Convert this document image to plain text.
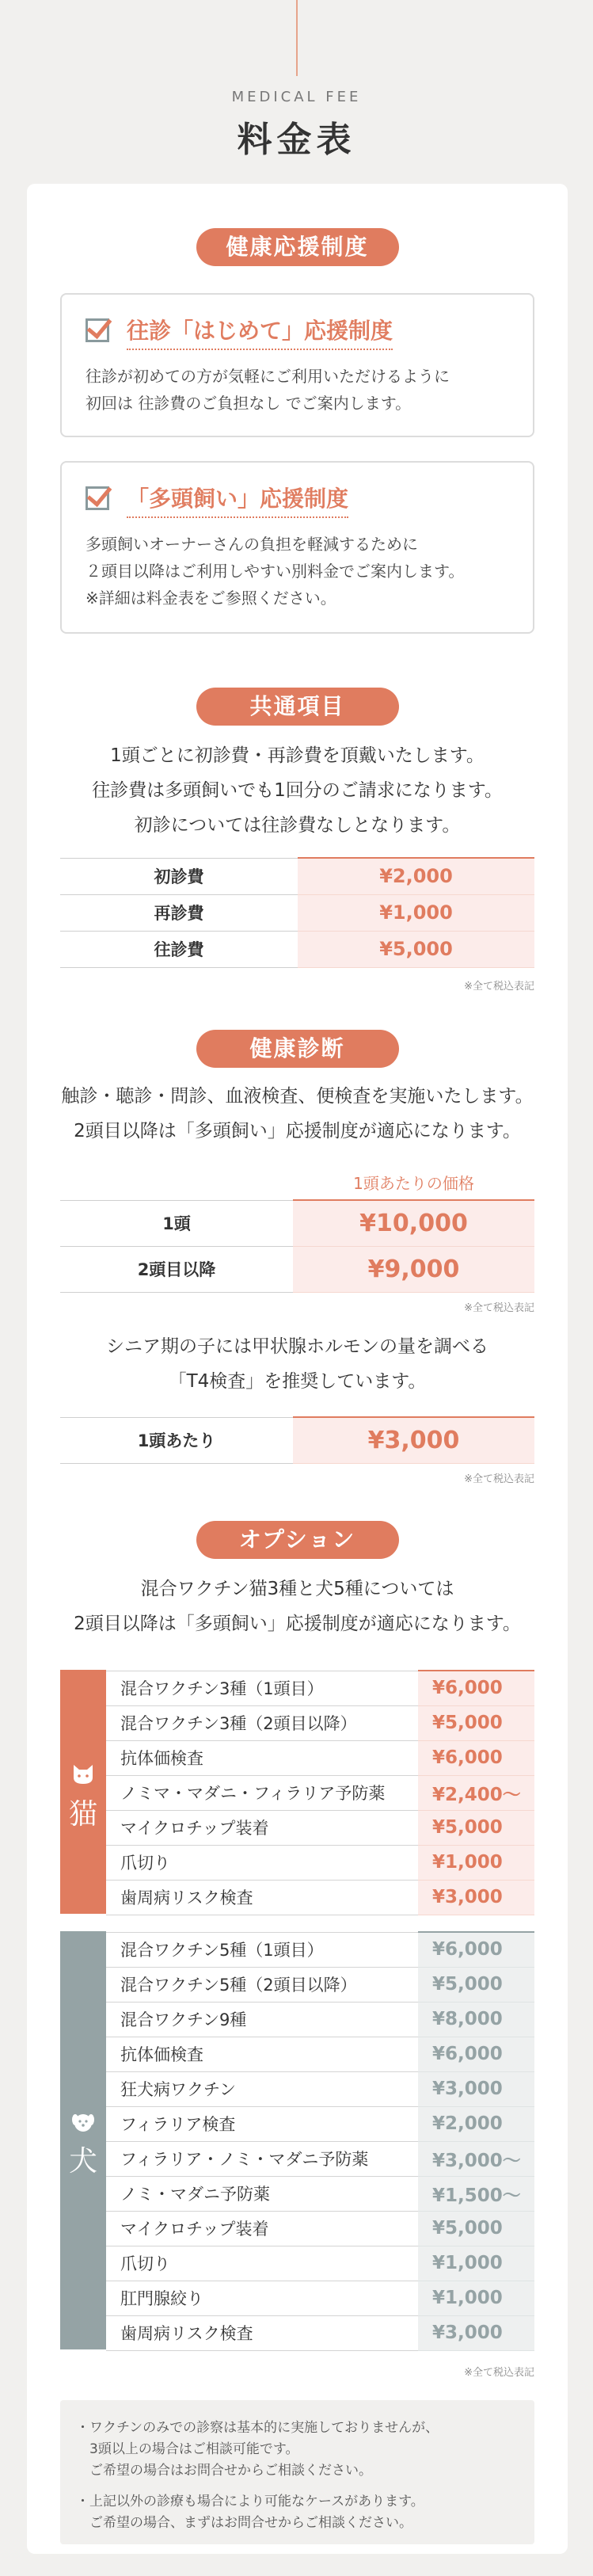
MEDICAL FEE
料金表
健康応援制度
往診「はじめて」応援制度

往診が初めての方が気軽にご利用いただけるように

初回は 往診費のご負担なし でご案内します。

「多頭飼い」応援制度

多頭飼いオーナーさんの負担を軽減するために

２頭目以降はご利用しやすい別料金でご案内します。

※詳細は料金表をご参照ください。

共通項目

1頭ごとに初診費・再診費を頂戴いたします。

往診費は多頭飼いでも1回分のご請求になります。

初診については往診費なしとなります。

初診費	¥2,000
再診費	¥1,000
往診費	¥5,000
※全て税込表記
健康診断

触診・聴診・問診、血液検査、便検査を実施いたします。

2頭目以降は「多頭飼い」応援制度が適応になります。

1頭あたりの価格
1頭	¥10,000
2頭目以降	¥9,000
※全て税込表記

シニア期の子には甲状腺ホルモンの量を調べる

「T4検査」を推奨しています。

1頭あたり	¥3,000
※全て税込表記
オプション

混合ワクチン猫3種と犬5種については

2頭目以降は「多頭飼い」応援制度が適応になります。

猫
混合ワクチン3種（1頭目）	¥6,000
混合ワクチン3種（2頭目以降）	¥5,000
抗体価検査	¥6,000
ノミマ・マダニ・フィラリア予防薬	¥2,400～
マイクロチップ装着	¥5,000
爪切り	¥1,000
歯周病リスク検査	¥3,000
犬
混合ワクチン5種（1頭目）	¥6,000
混合ワクチン5種（2頭目以降）	¥5,000
混合ワクチン9種	¥8,000
抗体価検査	¥6,000
狂犬病ワクチン	¥3,000
フィラリア検査	¥2,000
フィラリア・ノミ・マダニ予防薬	¥3,000～
ノミ・マダニ予防薬	¥1,500～
マイクロチップ装着	¥5,000
爪切り	¥1,000
肛門腺絞り	¥1,000
歯周病リスク検査	¥3,000
※全て税込表記

・ワクチンのみでの診察は基本的に実施しておりませんが、

　3頭以上の場合はご相談可能です。

　ご希望の場合はお問合せからご相談ください。

・上記以外の診療も場合により可能なケースがあります。

　ご希望の場合、まずはお問合せからご相談ください。
